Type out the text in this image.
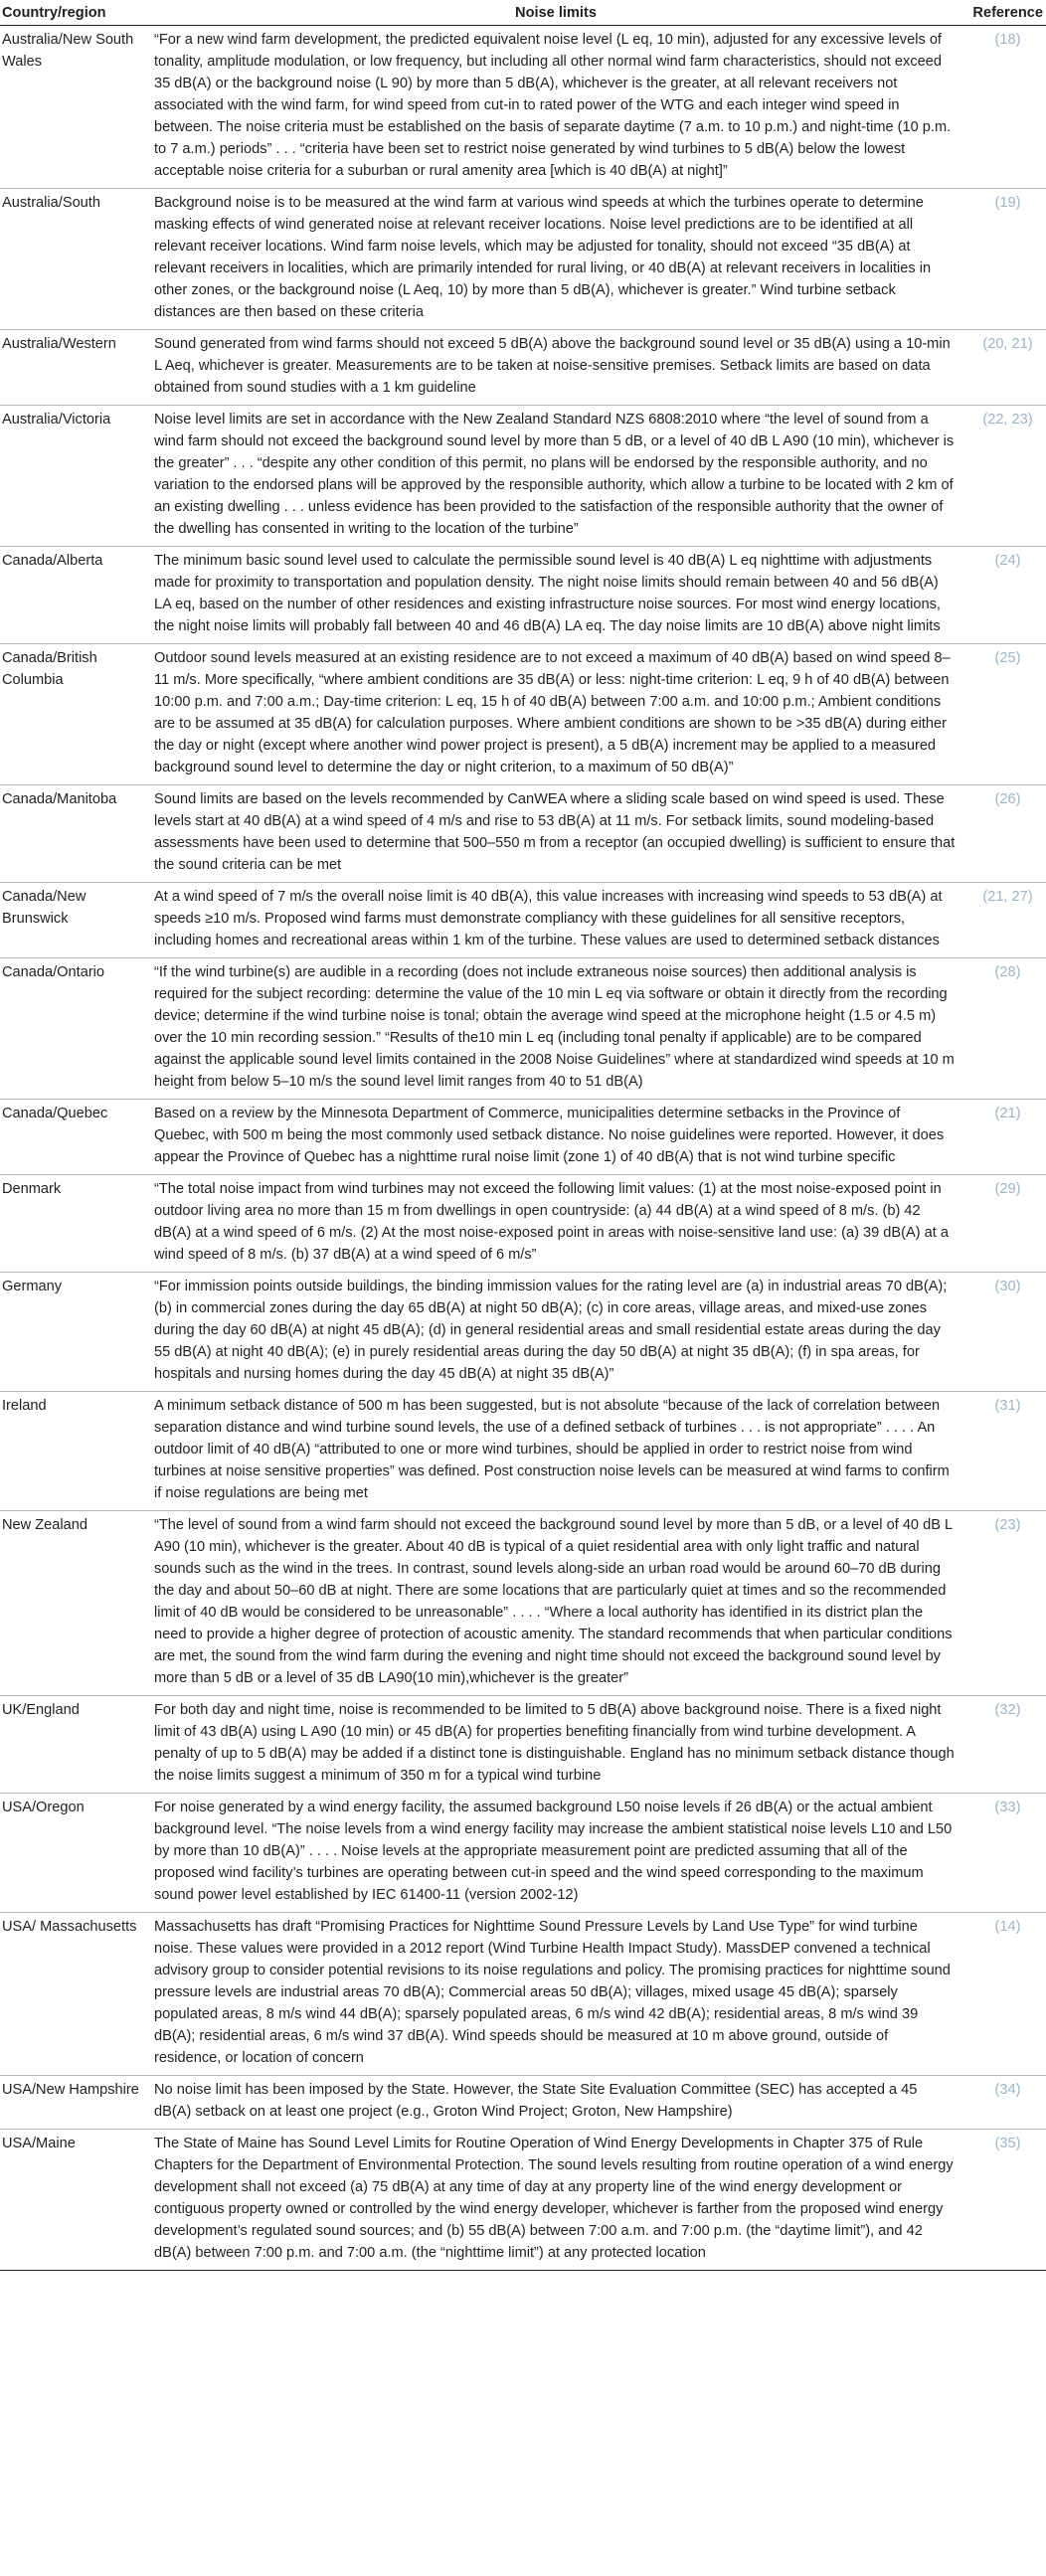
Country/region	Noise limits	Reference
Australia/New South Wales	“For a new wind farm development, the predicted equivalent noise level (L eq, 10 min), adjusted for any excessive levels of tonality, amplitude modulation, or low frequency, but including all other normal wind farm characteristics, should not exceed 35 dB(A) or the background noise (L 90) by more than 5 dB(A), whichever is the greater, at all relevant receivers not associated with the wind farm, for wind speed from cut-in to rated power of the WTG and each integer wind speed in between. The noise criteria must be established on the basis of separate daytime (7 a.m. to 10 p.m.) and night-time (10 p.m. to 7 a.m.) periods” . . . “criteria have been set to restrict noise generated by wind turbines to 5 dB(A) below the lowest acceptable noise criteria for a suburban or rural amenity area [which is 40 dB(A) at night]”	(18)
Australia/South	Background noise is to be measured at the wind farm at various wind speeds at which the turbines operate to determine masking effects of wind generated noise at relevant receiver locations. Noise level predictions are to be identified at all relevant receiver locations. Wind farm noise levels, which may be adjusted for tonality, should not exceed “35 dB(A) at relevant receivers in localities, which are primarily intended for rural living, or 40 dB(A) at relevant receivers in localities in other zones, or the background noise (L Aeq, 10) by more than 5 dB(A), whichever is greater.” Wind turbine setback distances are then based on these criteria	(19)
Australia/Western	Sound generated from wind farms should not exceed 5 dB(A) above the background sound level or 35 dB(A) using a 10-min L Aeq, whichever is greater. Measurements are to be taken at noise-sensitive premises. Setback limits are based on data obtained from sound studies with a 1 km guideline	(20, 21)
Australia/Victoria	Noise level limits are set in accordance with the New Zealand Standard NZS 6808:2010 where “the level of sound from a wind farm should not exceed the background sound level by more than 5 dB, or a level of 40 dB L A90 (10 min), whichever is the greater” . . . “despite any other condition of this permit, no plans will be endorsed by the responsible authority, and no variation to the endorsed plans will be approved by the responsible authority, which allow a turbine to be located with 2 km of an existing dwelling . . . unless evidence has been provided to the satisfaction of the responsible authority that the owner of the dwelling has consented in writing to the location of the turbine”	(22, 23)
Canada/Alberta	The minimum basic sound level used to calculate the permissible sound level is 40 dB(A) L eq nighttime with adjustments made for proximity to transportation and population density. The night noise limits should remain between 40 and 56 dB(A) LA eq, based on the number of other residences and existing infrastructure noise sources. For most wind energy locations, the night noise limits will probably fall between 40 and 46 dB(A) LA eq. The day noise limits are 10 dB(A) above night limits	(24)
Canada/British Columbia	Outdoor sound levels measured at an existing residence are to not exceed a maximum of 40 dB(A) based on wind speed 8–11 m/s. More specifically, “where ambient conditions are 35 dB(A) or less: night-time criterion: L eq, 9 h of 40 dB(A) between 10:00 p.m. and 7:00 a.m.; Day-time criterion: L eq, 15 h of 40 dB(A) between 7:00 a.m. and 10:00 p.m.; Ambient conditions are to be assumed at 35 dB(A) for calculation purposes. Where ambient conditions are shown to be >35 dB(A) during either the day or night (except where another wind power project is present), a 5 dB(A) increment may be applied to a measured background sound level to determine the day or night criterion, to a maximum of 50 dB(A)”	(25)
Canada/Manitoba	Sound limits are based on the levels recommended by CanWEA where a sliding scale based on wind speed is used. These levels start at 40 dB(A) at a wind speed of 4 m/s and rise to 53 dB(A) at 11 m/s. For setback limits, sound modeling-based assessments have been used to determine that 500–550 m from a receptor (an occupied dwelling) is sufficient to ensure that the sound criteria can be met	(26)
Canada/New Brunswick	At a wind speed of 7 m/s the overall noise limit is 40 dB(A), this value increases with increasing wind speeds to 53 dB(A) at speeds ≥10 m/s. Proposed wind farms must demonstrate compliancy with these guidelines for all sensitive receptors, including homes and recreational areas within 1 km of the turbine. These values are used to determined setback distances	(21, 27)
Canada/Ontario	“If the wind turbine(s) are audible in a recording (does not include extraneous noise sources) then additional analysis is required for the subject recording: determine the value of the 10 min L eq via software or obtain it directly from the recording device; determine if the wind turbine noise is tonal; obtain the average wind speed at the microphone height (1.5 or 4.5 m) over the 10 min recording session.” “Results of the10 min L eq (including tonal penalty if applicable) are to be compared against the applicable sound level limits contained in the 2008 Noise Guidelines” where at standardized wind speeds at 10 m height from below 5–10 m/s the sound level limit ranges from 40 to 51 dB(A)	(28)
Canada/Quebec	Based on a review by the Minnesota Department of Commerce, municipalities determine setbacks in the Province of Quebec, with 500 m being the most commonly used setback distance. No noise guidelines were reported. However, it does appear the Province of Quebec has a nighttime rural noise limit (zone 1) of 40 dB(A) that is not wind turbine specific	(21)
Denmark	“The total noise impact from wind turbines may not exceed the following limit values: (1) at the most noise-exposed point in outdoor living area no more than 15 m from dwellings in open countryside: (a) 44 dB(A) at a wind speed of 8 m/s. (b) 42 dB(A) at a wind speed of 6 m/s. (2) At the most noise-exposed point in areas with noise-sensitive land use: (a) 39 dB(A) at a wind speed of 8 m/s. (b) 37 dB(A) at a wind speed of 6 m/s”	(29)
Germany	“For immission points outside buildings, the binding immission values for the rating level are (a) in industrial areas 70 dB(A); (b) in commercial zones during the day 65 dB(A) at night 50 dB(A); (c) in core areas, village areas, and mixed-use zones during the day 60 dB(A) at night 45 dB(A); (d) in general residential areas and small residential estate areas during the day 55 dB(A) at night 40 dB(A); (e) in purely residential areas during the day 50 dB(A) at night 35 dB(A); (f) in spa areas, for hospitals and nursing homes during the day 45 dB(A) at night 35 dB(A)”	(30)
Ireland	A minimum setback distance of 500 m has been suggested, but is not absolute “because of the lack of correlation between separation distance and wind turbine sound levels, the use of a defined setback of turbines . . . is not appropriate” . . . . An outdoor limit of 40 dB(A) “attributed to one or more wind turbines, should be applied in order to restrict noise from wind turbines at noise sensitive properties” was defined. Post construction noise levels can be measured at wind farms to confirm if noise regulations are being met	(31)
New Zealand	“The level of sound from a wind farm should not exceed the background sound level by more than 5 dB, or a level of 40 dB L A90 (10 min), whichever is the greater. About 40 dB is typical of a quiet residential area with only light traffic and natural sounds such as the wind in the trees. In contrast, sound levels along-side an urban road would be around 60–70 dB during the day and about 50–60 dB at night. There are some locations that are particularly quiet at times and so the recommended limit of 40 dB would be considered to be unreasonable” . . . . “Where a local authority has identified in its district plan the need to provide a higher degree of protection of acoustic amenity. The standard recommends that when particular conditions are met, the sound from the wind farm during the evening and night time should not exceed the background sound level by more than 5 dB or a level of 35 dB LA90(10 min),whichever is the greater”	(23)
UK/England	For both day and night time, noise is recommended to be limited to 5 dB(A) above background noise. There is a fixed night limit of 43 dB(A) using L A90 (10 min) or 45 dB(A) for properties benefiting financially from wind turbine development. A penalty of up to 5 dB(A) may be added if a distinct tone is distinguishable. England has no minimum setback distance though the noise limits suggest a minimum of 350 m for a typical wind turbine	(32)
USA/Oregon	For noise generated by a wind energy facility, the assumed background L50 noise levels if 26 dB(A) or the actual ambient background level. “The noise levels from a wind energy facility may increase the ambient statistical noise levels L10 and L50 by more than 10 dB(A)” . . . . Noise levels at the appropriate measurement point are predicted assuming that all of the proposed wind facility’s turbines are operating between cut-in speed and the wind speed corresponding to the maximum sound power level established by IEC 61400-11 (version 2002-12)	(33)
USA/ Massachusetts	Massachusetts has draft “Promising Practices for Nighttime Sound Pressure Levels by Land Use Type” for wind turbine noise. These values were provided in a 2012 report (Wind Turbine Health Impact Study). MassDEP convened a technical advisory group to consider potential revisions to its noise regulations and policy. The promising practices for nighttime sound pressure levels are industrial areas 70 dB(A); Commercial areas 50 dB(A); villages, mixed usage 45 dB(A); sparsely populated areas, 8 m/s wind 44 dB(A); sparsely populated areas, 6 m/s wind 42 dB(A); residential areas, 8 m/s wind 39 dB(A); residential areas, 6 m/s wind 37 dB(A). Wind speeds should be measured at 10 m above ground, outside of residence, or location of concern	(14)
USA/New Hampshire	No noise limit has been imposed by the State. However, the State Site Evaluation Committee (SEC) has accepted a 45 dB(A) setback on at least one project (e.g., Groton Wind Project; Groton, New Hampshire)	(34)
USA/Maine	The State of Maine has Sound Level Limits for Routine Operation of Wind Energy Developments in Chapter 375 of Rule Chapters for the Department of Environmental Protection. The sound levels resulting from routine operation of a wind energy development shall not exceed (a) 75 dB(A) at any time of day at any property line of the wind energy development or contiguous property owned or controlled by the wind energy developer, whichever is farther from the proposed wind energy development’s regulated sound sources; and (b) 55 dB(A) between 7:00 a.m. and 7:00 p.m. (the “daytime limit”), and 42 dB(A) between 7:00 p.m. and 7:00 a.m. (the “nighttime limit”) at any protected location	(35)
